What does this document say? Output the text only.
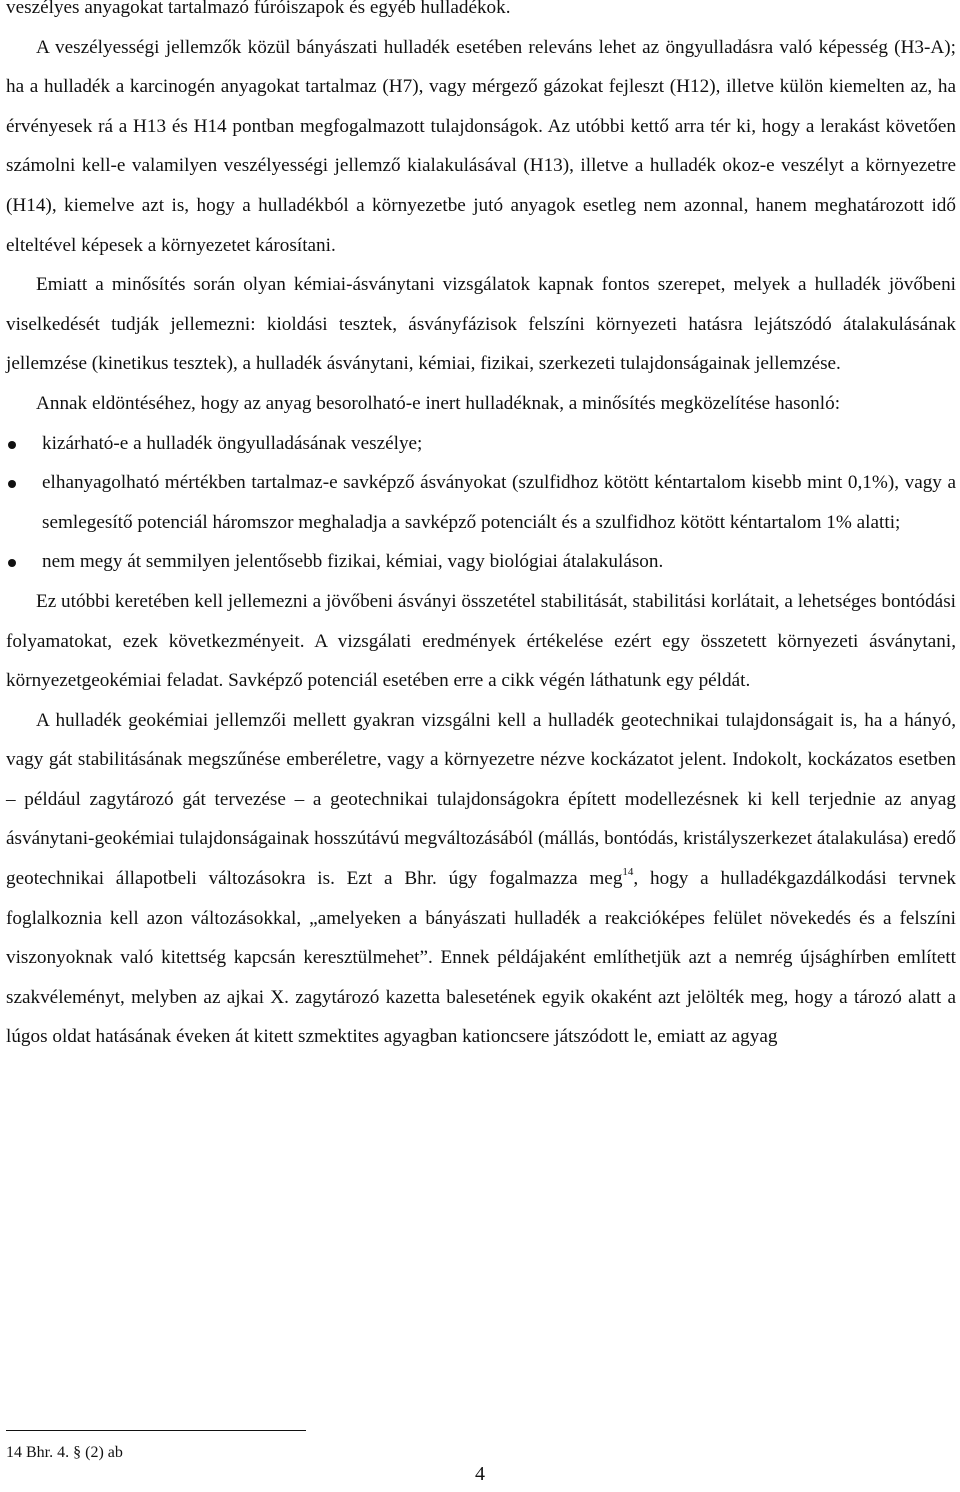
veszélyes anyagokat tartalmazó fúróiszapok és egyéb hulladékok.

A veszélyességi jellemzők közül bányászati hulladék esetében releváns lehet az öngyulladásra való képesség (H3-A); ha a hulladék a karcinogén anyagokat tartalmaz (H7), vagy mérgező gázokat fejleszt (H12), illetve külön kiemelten az, ha érvényesek rá a H13 és H14 pontban megfogalmazott tulajdonságok. Az utóbbi kettő arra tér ki, hogy a lerakást követően számolni kell-e valamilyen veszélyességi jellemző kialakulásával (H13), illetve a hulladék okoz-e veszélyt a környezetre (H14), kiemelve azt is, hogy a hulladékból a környezetbe jutó anyagok esetleg nem azonnal, hanem meghatározott idő elteltével képesek a környezetet károsítani.

Emiatt a minősítés során olyan kémiai-ásványtani vizsgálatok kapnak fontos szerepet, melyek a hulladék jövőbeni viselkedését tudják jellemezni: kioldási tesztek, ásványfázisok felszíni környezeti hatásra lejátszódó átalakulásának jellemzése (kinetikus tesztek), a hulladék ásványtani, kémiai, fizikai, szerkezeti tulajdonságainak jellemzése.

Annak eldöntéséhez, hogy az anyag besorolható-e inert hulladéknak, a minősítés megközelítése hasonló:

kizárható-e a hulladék öngyulladásának veszélye;
elhanyagolható mértékben tartalmaz-e savképző ásványokat (szulfidhoz kötött kéntartalom kisebb mint 0,1%), vagy a semlegesítő potenciál háromszor meghaladja a savképző potenciált és a szulfidhoz kötött kéntartalom 1% alatti;
nem megy át semmilyen jelentősebb fizikai, kémiai, vagy biológiai átalakuláson.

Ez utóbbi keretében kell jellemezni a jövőbeni ásványi összetétel stabilitását, stabilitási korlátait, a lehetséges bontódási folyamatokat, ezek következményeit. A vizsgálati eredmények értékelése ezért egy összetett környezeti ásványtani, környezetgeokémiai feladat. Savképző potenciál esetében erre a cikk végén láthatunk egy példát.

A hulladék geokémiai jellemzői mellett gyakran vizsgálni kell a hulladék geotechnikai tulajdonságait is, ha a hányó, vagy gát stabilitásának megszűnése emberéletre, vagy a környezetre nézve kockázatot jelent. Indokolt, kockázatos esetben – például zagytározó gát tervezése – a geotechnikai tulajdonságokra épített modellezésnek ki kell terjednie az anyag ásványtani-geokémiai tulajdonságainak hosszútávú megváltozásából (mállás, bontódás, kristályszerkezet átalakulása) eredő geotechnikai állapotbeli változásokra is. Ezt a Bhr. úgy fogalmazza meg$^{14}$, hogy a hulladékgazdálkodási tervnek foglalkoznia kell azon változásokkal, „amelyeken a bányászati hulladék a reakcióképes felület növekedés és a felszíni viszonyoknak való kitettség kapcsán keresztülmehet”. Ennek példájaként említhetjük azt a nemrég újsághírben említett szakvéleményt, melyben az ajkai X. zagytározó kazetta balesetének egyik okaként azt jelölték meg, hogy a tározó alatt a lúgos oldat hatásának éveken át kitett szmektites agyagban kationcsere játszódott le, emiatt az agyag

14 Bhr. 4. § (2) ab
4
